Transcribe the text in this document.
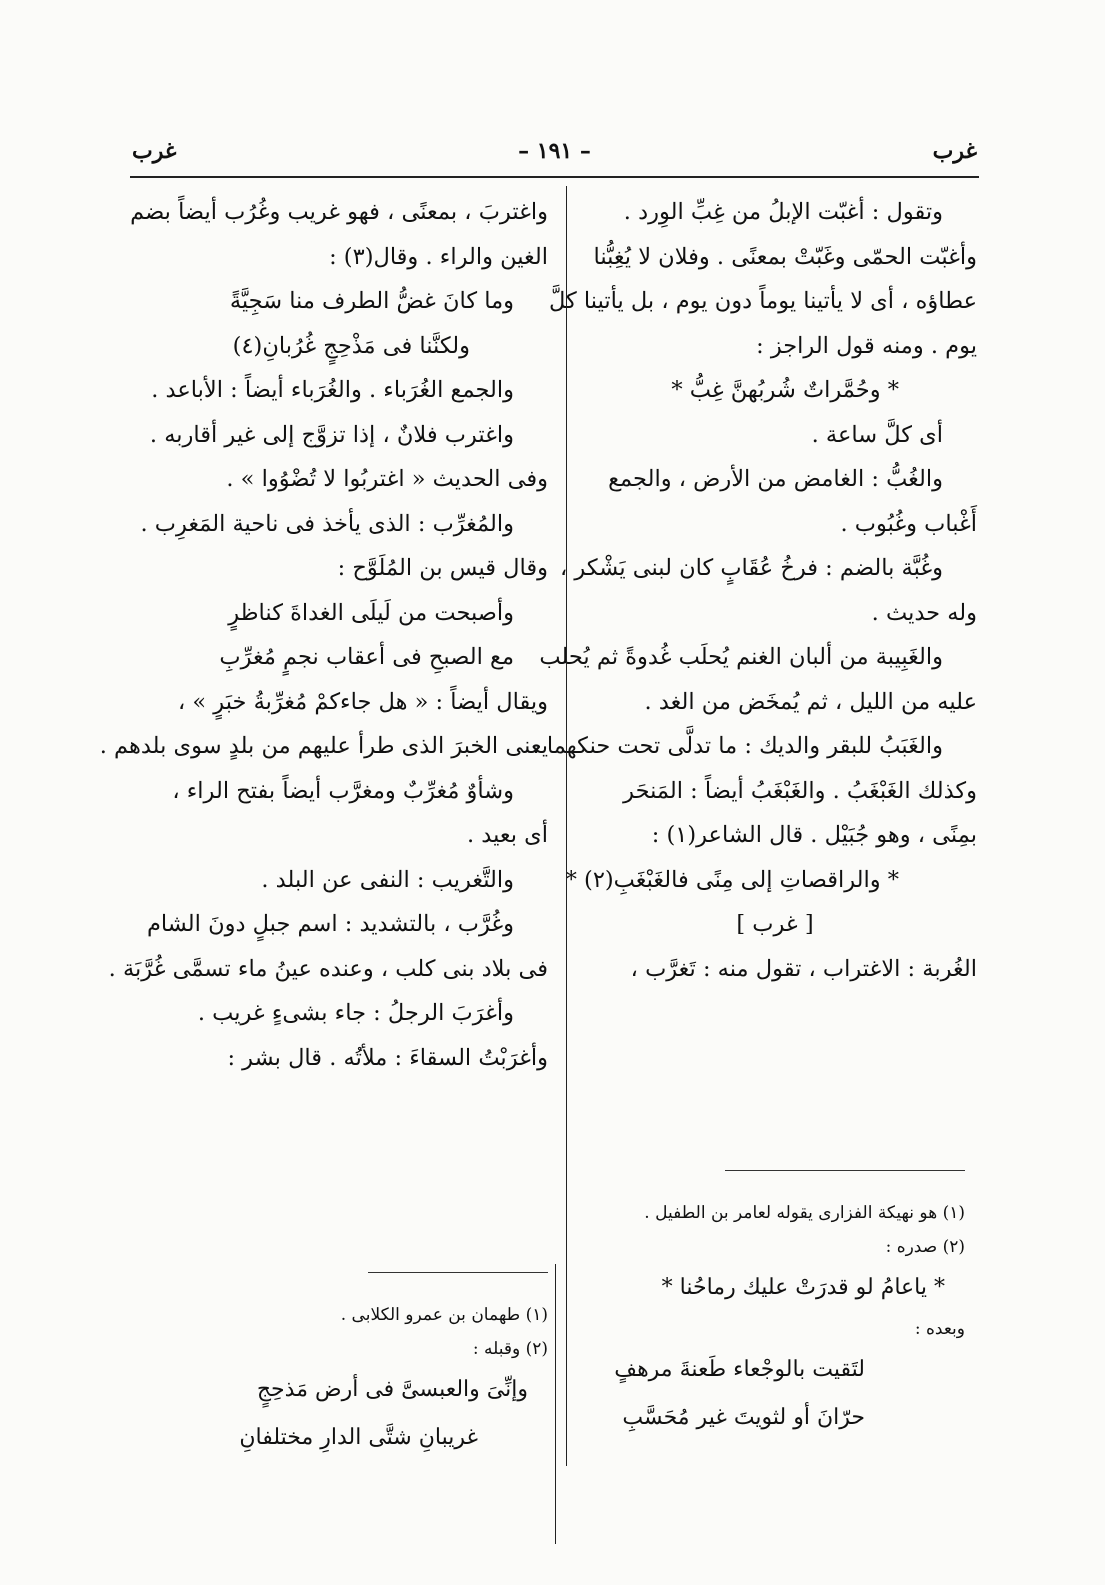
غرب
– ١٩١ –
غرب
وتقول : أغبّت الإبلُ من غِبِّ الوِرد .
وأغبّت الحمّى وغَبّتْ بمعنًى . وفلان لا يُغِبُّنا
عطاؤه ، أى لا يأتينا يوماً دون يوم ، بل يأتينا كلَّ
يوم . ومنه قول الراجز :
* وحُمَّراتٌ شُربُهنَّ غِبُّ *
أى كلَّ ساعة .
والغُبُّ : الغامض من الأرض ، والجمع
أَغْباب وغُبُوب .
وغُبَّة بالضم : فرخُ عُقَابٍ كان لبنى يَشْكر ،
وله حديث .
والغَبِيبة من ألبان الغنم يُحلَب غُدوةً ثم يُحلب
عليه من الليل ، ثم يُمخَض من الغد .
والغَبَبُ للبقر والديك : ما تدلَّى تحت حنكهما ،
وكذلك الغَبْغَبُ . والغَبْغَبُ أيضاً : المَنحَر
بمِنًى ، وهو جُبَيْل . قال الشاعر(١) :
* والراقصاتِ إلى مِنًى فالغَبْغَبِ(٢) *
[ غرب ]
الغُربة : الاغتراب ، تقول منه : تَغرَّب ،
واغتربَ ، بمعنًى ، فهو غريب وغُرُب أيضاً بضم
الغين والراء . وقال(٣) :
وما كانَ غضُّ الطرف منا سَجِيَّةً
ولكنَّنا فى مَذْحِجٍ غُرُبانِ(٤)
والجمع الغُرَباء . والغُرَباء أيضاً : الأباعد .
واغترب فلانٌ ، إذا تزوَّج إلى غير أقاربه .
وفى الحديث « اغتربُوا لا تُضْوُوا » .
والمُغرِّب : الذى يأخذ فى ناحية المَغرِب .
وقال قيس بن المُلَوَّح :
وأصبحت من لَيلَى الغداةَ كناظرٍ
مع الصبحِ فى أعقاب نجمٍ مُغرِّبِ
ويقال أيضاً : « هل جاءكمْ مُغرِّبةُ خبَرٍ » ،
يعنى الخبرَ الذى طرأ عليهم من بلدٍ سوى بلدهم .
وشأوٌ مُغرِّبٌ ومغرَّب أيضاً بفتح الراء ،
أى بعيد .
والتَّغريب : النفى عن البلد .
وغُرَّب ، بالتشديد : اسم جبلٍ دونَ الشام
فى بلاد بنى كلب ، وعنده عينُ ماء تسمَّى غُرَّبَة .
وأغرَبَ الرجلُ : جاء بشىءٍ غريب .
وأغرَبْتُ السقاءَ : ملأتُه . قال بشر :
(١) هو نهيكة الفزارى يقوله لعامر بن الطفيل .
(٢) صدره :
* ياعامُ لو قدرَتْ عليك رماحُنا *
وبعده :
لتَقيت بالوجْعاء طَعنةَ مرهفٍ
حرّانَ أو لثويتَ غير مُحَسَّبِ
(١) طهمان بن عمرو الكلابى .
(٢) وقبله :
وإنِّىَ والعبسىَّ فى أرض مَذحِجٍ
غريبانِ شتَّى الدارِ مختلفانِ
